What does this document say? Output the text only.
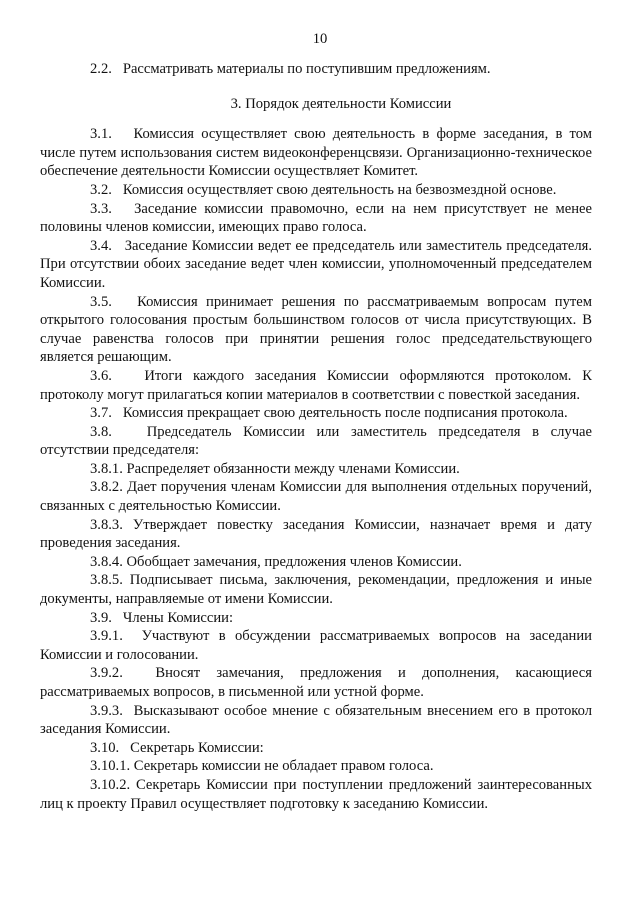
10

2.2.   Рассматривать материалы по поступившим предложениям.

3. Порядок деятельности Комиссии

3.1.   Комиссия осуществляет свою деятельность в форме заседания, в том числе путем использования систем видеоконференцсвязи. Организационно-техническое обеспечение деятельности Комиссии осуществляет Комитет.

3.2.   Комиссия осуществляет свою деятельность на безвозмездной основе.

3.3.   Заседание комиссии правомочно, если на нем присутствует не менее половины членов комиссии, имеющих право голоса.

3.4.   Заседание Комиссии ведет ее председатель или заместитель председателя. При отсутствии обоих заседание ведет член комиссии, уполномоченный председателем Комиссии.

3.5.   Комиссия принимает решения по рассматриваемым вопросам путем открытого голосования простым большинством голосов от числа присутствующих. В случае равенства голосов при принятии решения голос председательствующего является решающим.

3.6.   Итоги каждого заседания Комиссии оформляются протоколом. К протоколу могут прилагаться копии материалов в соответствии с повесткой заседания.

3.7.   Комиссия прекращает свою деятельность после подписания протокола.

3.8.   Председатель Комиссии или заместитель председателя в случае отсутствии председателя:

3.8.1. Распределяет обязанности между членами Комиссии.

3.8.2. Дает поручения членам Комиссии для выполнения отдельных поручений, связанных с деятельностью Комиссии.

3.8.3. Утверждает повестку заседания Комиссии, назначает время и дату проведения заседания.

3.8.4. Обобщает замечания, предложения членов Комиссии.

3.8.5. Подписывает письма, заключения, рекомендации, предложения и иные документы, направляемые от имени Комиссии.

3.9.   Члены Комиссии:

3.9.1.  Участвуют в обсуждении рассматриваемых вопросов на заседании Комиссии и голосовании.

3.9.2.  Вносят замечания, предложения и дополнения, касающиеся рассматриваемых вопросов, в письменной или устной форме.

3.9.3.  Высказывают особое мнение с обязательным внесением его в протокол заседания Комиссии.

3.10.   Секретарь Комиссии:

3.10.1. Секретарь комиссии не обладает правом голоса.

3.10.2. Секретарь Комиссии при поступлении предложений заинтересованных лиц к проекту Правил осуществляет подготовку к заседанию Комиссии.
